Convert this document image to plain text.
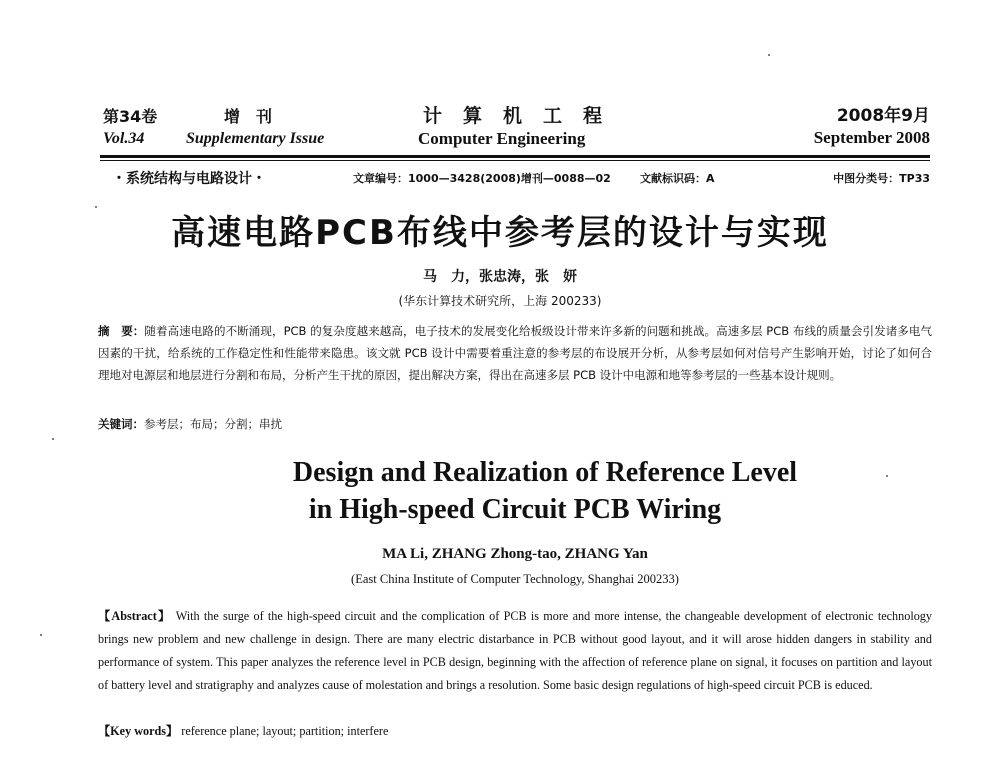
第34卷	增　刊	计　算　机　工　程	2008年9月
Vol.34	Supplementary Issue	Computer Engineering	September 2008
・系统结构与电路设计・	文章编号：1000—3428(2008)增刊—0088—02	文献标识码：A	中图分类号：TP33
高速电路PCB布线中参考层的设计与实现
马　力，张忠涛，张　妍
(华东计算技术研究所，上海 200233)
摘　要：随着高速电路的不断涌现，PCB 的复杂度越来越高，电子技术的发展变化给板级设计带来许多新的问题和挑战。高速多层 PCB 布线的质量会引发诸多电气因素的干扰，给系统的工作稳定性和性能带来隐患。该文就 PCB 设计中需要着重注意的参考层的布设展开分析，从参考层如何对信号产生影响开始，讨论了如何合理地对电源层和地层进行分割和布局，分析产生干扰的原因，提出解决方案，得出在高速多层 PCB 设计中电源和地等参考层的一些基本设计规则。
关键词：参考层；布局；分割；串扰
Design and Realization of Reference Level
in High-speed Circuit PCB Wiring
MA Li, ZHANG Zhong-tao, ZHANG Yan
(East China Institute of Computer Technology, Shanghai 200233)
【Abstract】 With the surge of the high-speed circuit and the complication of PCB is more and more intense, the changeable development of electronic technology brings new problem and new challenge in design. There are many electric distarbance in PCB without good layout, and it will arose hidden dangers in stability and performance of system. This paper analyzes the reference level in PCB design, beginning with the affection of reference plane on signal, it focuses on partition and layout of battery level and stratigraphy and analyzes cause of molestation and brings a resolution. Some basic design regulations of high-speed circuit PCB is educed.
【Key words】 reference plane; layout; partition; interfere
